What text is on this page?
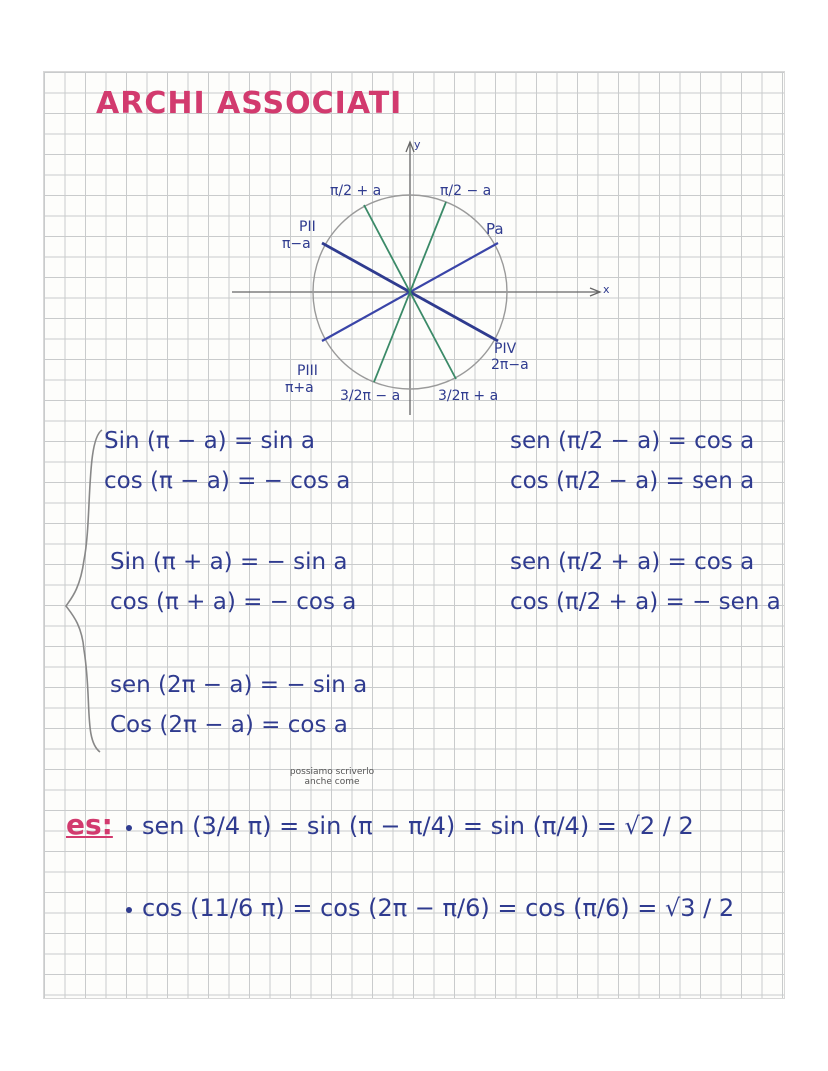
ARCHI ASSOCIATI
y
x
π/2 + a	π/2 − a
Pa
PII
π−a
PIII
π+a
PIV
2π−a
3/2π − a	3/2π + a
Sin (π − a) = sin a
cos (π − a) = − cos a
Sin (π + a) = − sin a
cos (π + a) = − cos a
sen (2π − a) = − sin a
Cos (2π − a) = cos a
sen (π/2 − a) = cos a
cos (π/2 − a) = sen a
sen (π/2 + a) = cos a
cos (π/2 + a) = − sen a
es:
possiamo scriverlo anche come
sen (3/4 π) = sin (π − π/4) = sin (π/4) = √2 / 2
cos (11/6 π) = cos (2π − π/6) = cos (π/6) = √3 / 2
